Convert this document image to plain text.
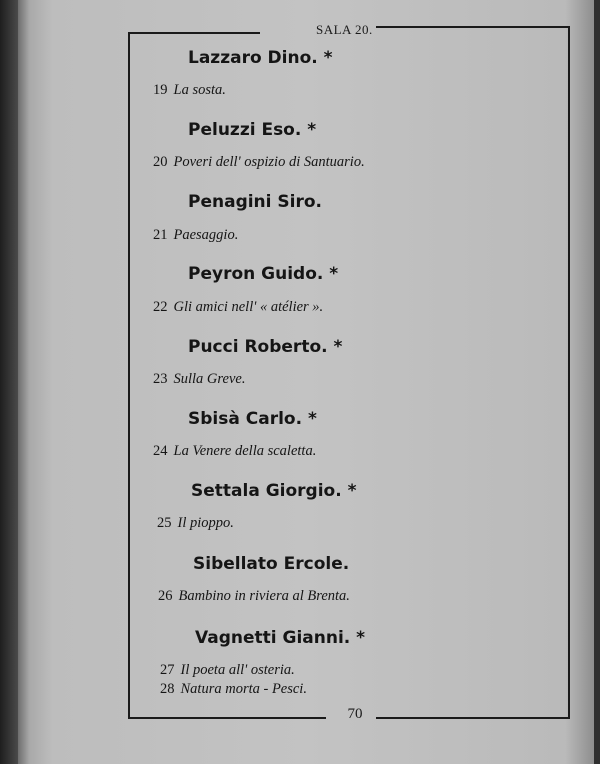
SALA 20.
70
Lazzaro Dino. *
19 La sosta.
Peluzzi Eso. *
20 Poveri dell' ospizio di Santuario.
Penagini Siro.
21 Paesaggio.
Peyron Guido. *
22 Gli amici nell' « atélier ».
Pucci Roberto. *
23 Sulla Greve.
Sbisà Carlo. *
24 La Venere della scaletta.
Settala Giorgio. *
25 Il pioppo.
Sibellato Ercole.
26 Bambino in riviera al Brenta.
Vagnetti Gianni. *
27 Il poeta all' osteria.
28 Natura morta - Pesci.
